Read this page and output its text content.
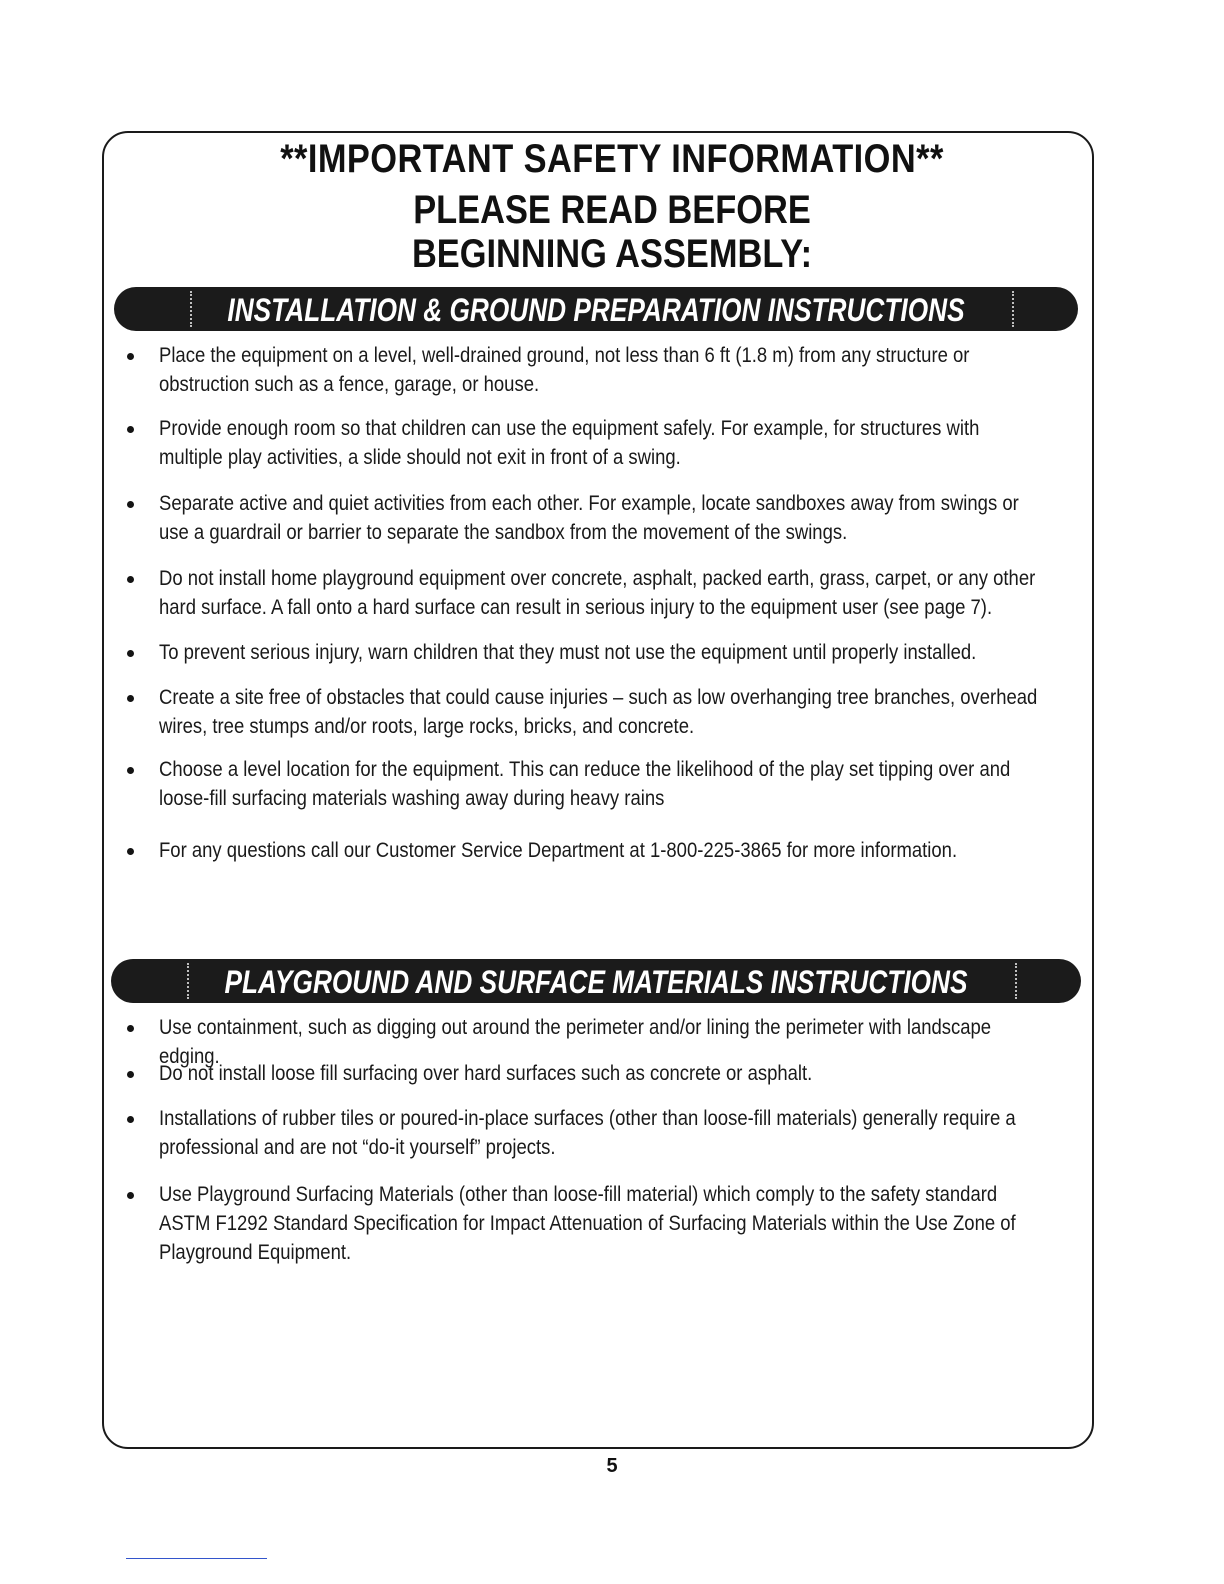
**IMPORTANT SAFETY INFORMATION**
PLEASE READ BEFORE
BEGINNING ASSEMBLY:
INSTALLATION & GROUND PREPARATION INSTRUCTIONS
Place the equipment on a level, well-drained ground, not less than 6 ft (1.8 m) from any structure or obstruction such as a fence, garage, or house.
Provide enough room so that children can use the equipment safely. For example, for structures with multiple play activities, a slide should not exit in front of a swing.
Separate active and quiet activities from each other. For example, locate sandboxes away from swings or use a guardrail or barrier to separate the sandbox from the movement of the swings.
Do not install home playground equipment over concrete, asphalt, packed earth, grass, carpet, or any other hard surface. A fall onto a hard surface can result in serious injury to the equipment user (see page 7).
To prevent serious injury, warn children that they must not use the equipment until properly installed.
Create a site free of obstacles that could cause injuries – such as low overhanging tree branches, overhead wires, tree stumps and/or roots, large rocks, bricks, and concrete.
Choose a level location for the equipment. This can reduce the likelihood of the play set tipping over and loose-fill surfacing materials washing away during heavy rains
For any questions call our Customer Service Department at 1-800-225-3865 for more information.
PLAYGROUND AND SURFACE MATERIALS INSTRUCTIONS
Use containment, such as digging out around the perimeter and/or lining the perimeter with landscape edging.
Do not install loose fill surfacing over hard surfaces such as concrete or asphalt.
Installations of rubber tiles or poured-in-place surfaces (other than loose-fill materials) generally require a professional and are not “do-it yourself” projects.
Use Playground Surfacing Materials (other than loose-fill material) which comply to the safety standard ASTM F1292 Standard Specification for Impact Attenuation of Surfacing Materials within the Use Zone of Playground Equipment.
5
